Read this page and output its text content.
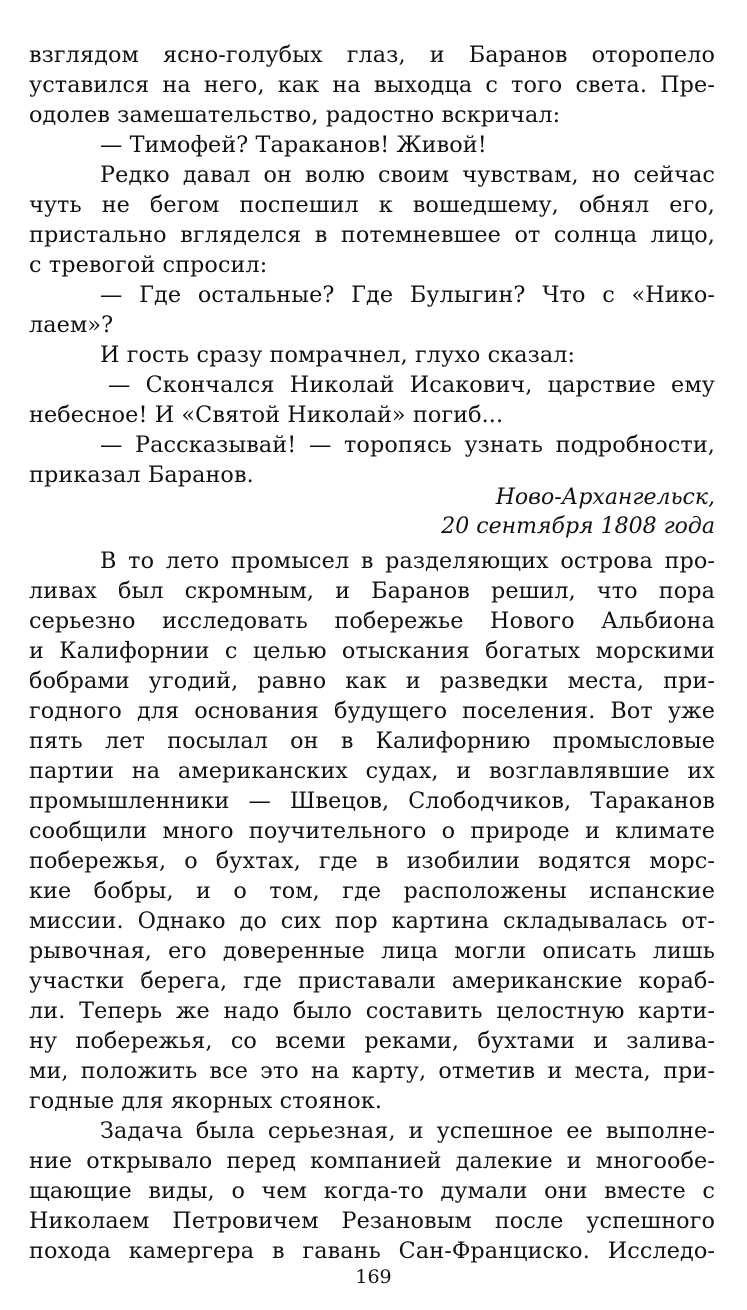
взглядом ясно-голубых глаз, и Баранов оторопело
уставился на него, как на выходца с того света. Пре-
одолев замешательство, радостно вскричал:
— Тимофей? Тараканов! Живой!
Редко давал он волю своим чувствам, но сейчас
чуть не бегом поспешил к вошедшему, обнял его,
пристально вгляделся в потемневшее от солнца лицо,
с тревогой спросил:
— Где остальные? Где Булыгин? Что с «Нико-
лаем»?
И гость сразу помрачнел, глухо сказал:
— Скончался Николай Исакович, царствие ему
небесное! И «Святой Николай» погиб...
— Рассказывай! — торопясь узнать подробности,
приказал Баранов.
Ново-Архангельск,
20 сентября 1808 года
В то лето промысел в разделяющих острова про-
ливах был скромным, и Баранов решил, что пора
серьезно исследовать побережье Нового Альбиона
и Калифорнии с целью отыскания богатых морскими
бобрами угодий, равно как и разведки места, при-
годного для основания будущего поселения. Вот уже
пять лет посылал он в Калифорнию промысловые
партии на американских судах, и возглавлявшие их
промышленники — Швецов, Слободчиков, Тараканов
сообщили много поучительного о природе и климате
побережья, о бухтах, где в изобилии водятся морс-
кие бобры, и о том, где расположены испанские
миссии. Однако до сих пор картина складывалась от-
рывочная, его доверенные лица могли описать лишь
участки берега, где приставали американские кораб-
ли. Теперь же надо было составить целостную карти-
ну побережья, со всеми реками, бухтами и залива-
ми, положить все это на карту, отметив и места, при-
годные для якорных стоянок.
Задача была серьезная, и успешное ее выполне-
ние открывало перед компанией далекие и многообе-
щающие виды, о чем когда-то думали они вместе с
169
Николаем Петровичем Резановым после успешного
похода камергера в гавань Сан-Франциско. Исследо-
